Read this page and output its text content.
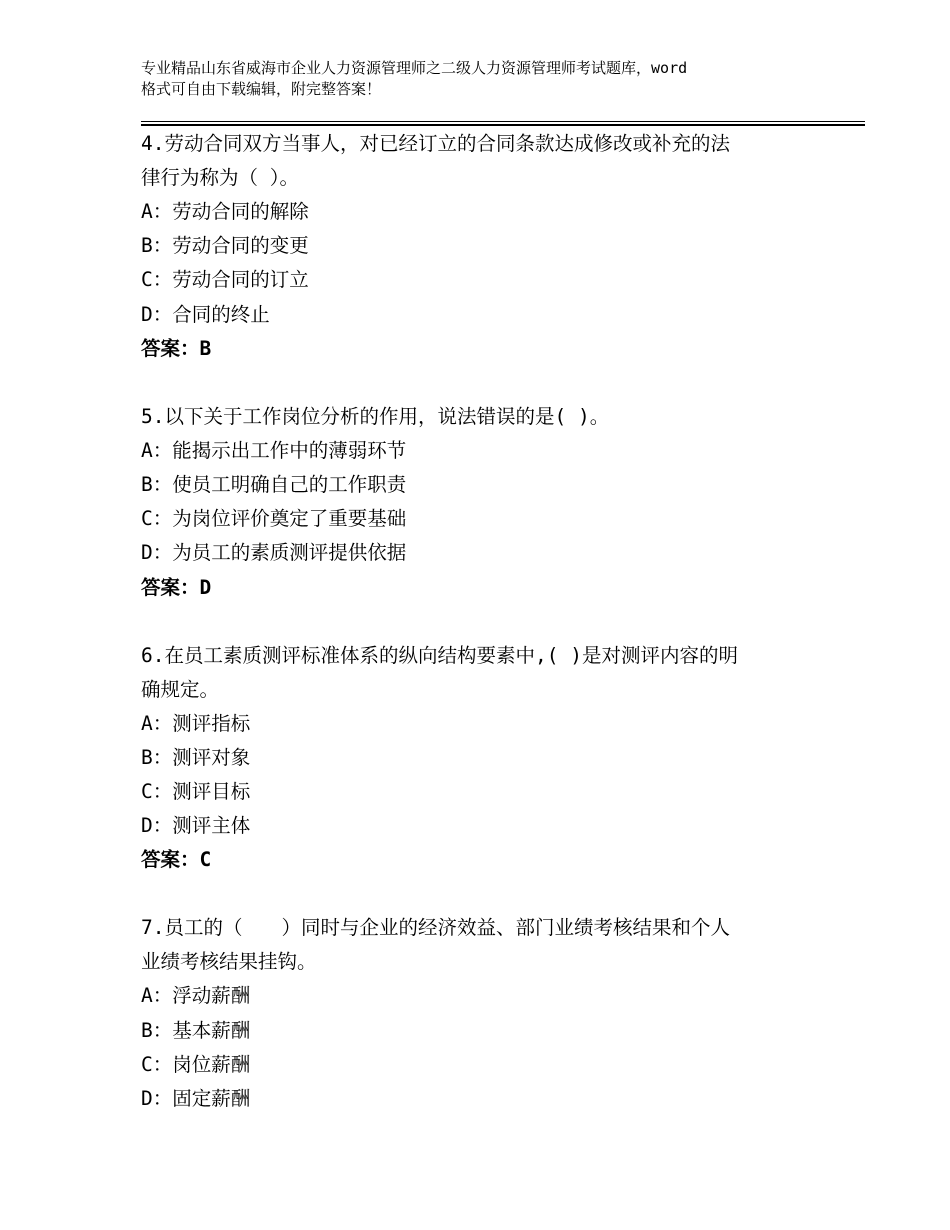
专业精品山东省威海市企业人力资源管理师之二级人力资源管理师考试题库，word
格式可自由下载编辑，附完整答案！
4.劳动合同双方当事人，对已经订立的合同条款达成修改或补充的法
律行为称为（ ）。
A：劳动合同的解除
B：劳动合同的变更
C：劳动合同的订立
D：合同的终止
答案：B
5.以下关于工作岗位分析的作用，说法错误的是( )。
A：能揭示出工作中的薄弱环节
B：使员工明确自己的工作职责
C：为岗位评价奠定了重要基础
D：为员工的素质测评提供依据
答案：D
6.在员工素质测评标准体系的纵向结构要素中,( )是对测评内容的明
确规定。
A：测评指标
B：测评对象
C：测评目标
D：测评主体
答案：C
7.员工的（　　）同时与企业的经济效益、部门业绩考核结果和个人
业绩考核结果挂钩。
A：浮动薪酬
B：基本薪酬
C：岗位薪酬
D：固定薪酬
